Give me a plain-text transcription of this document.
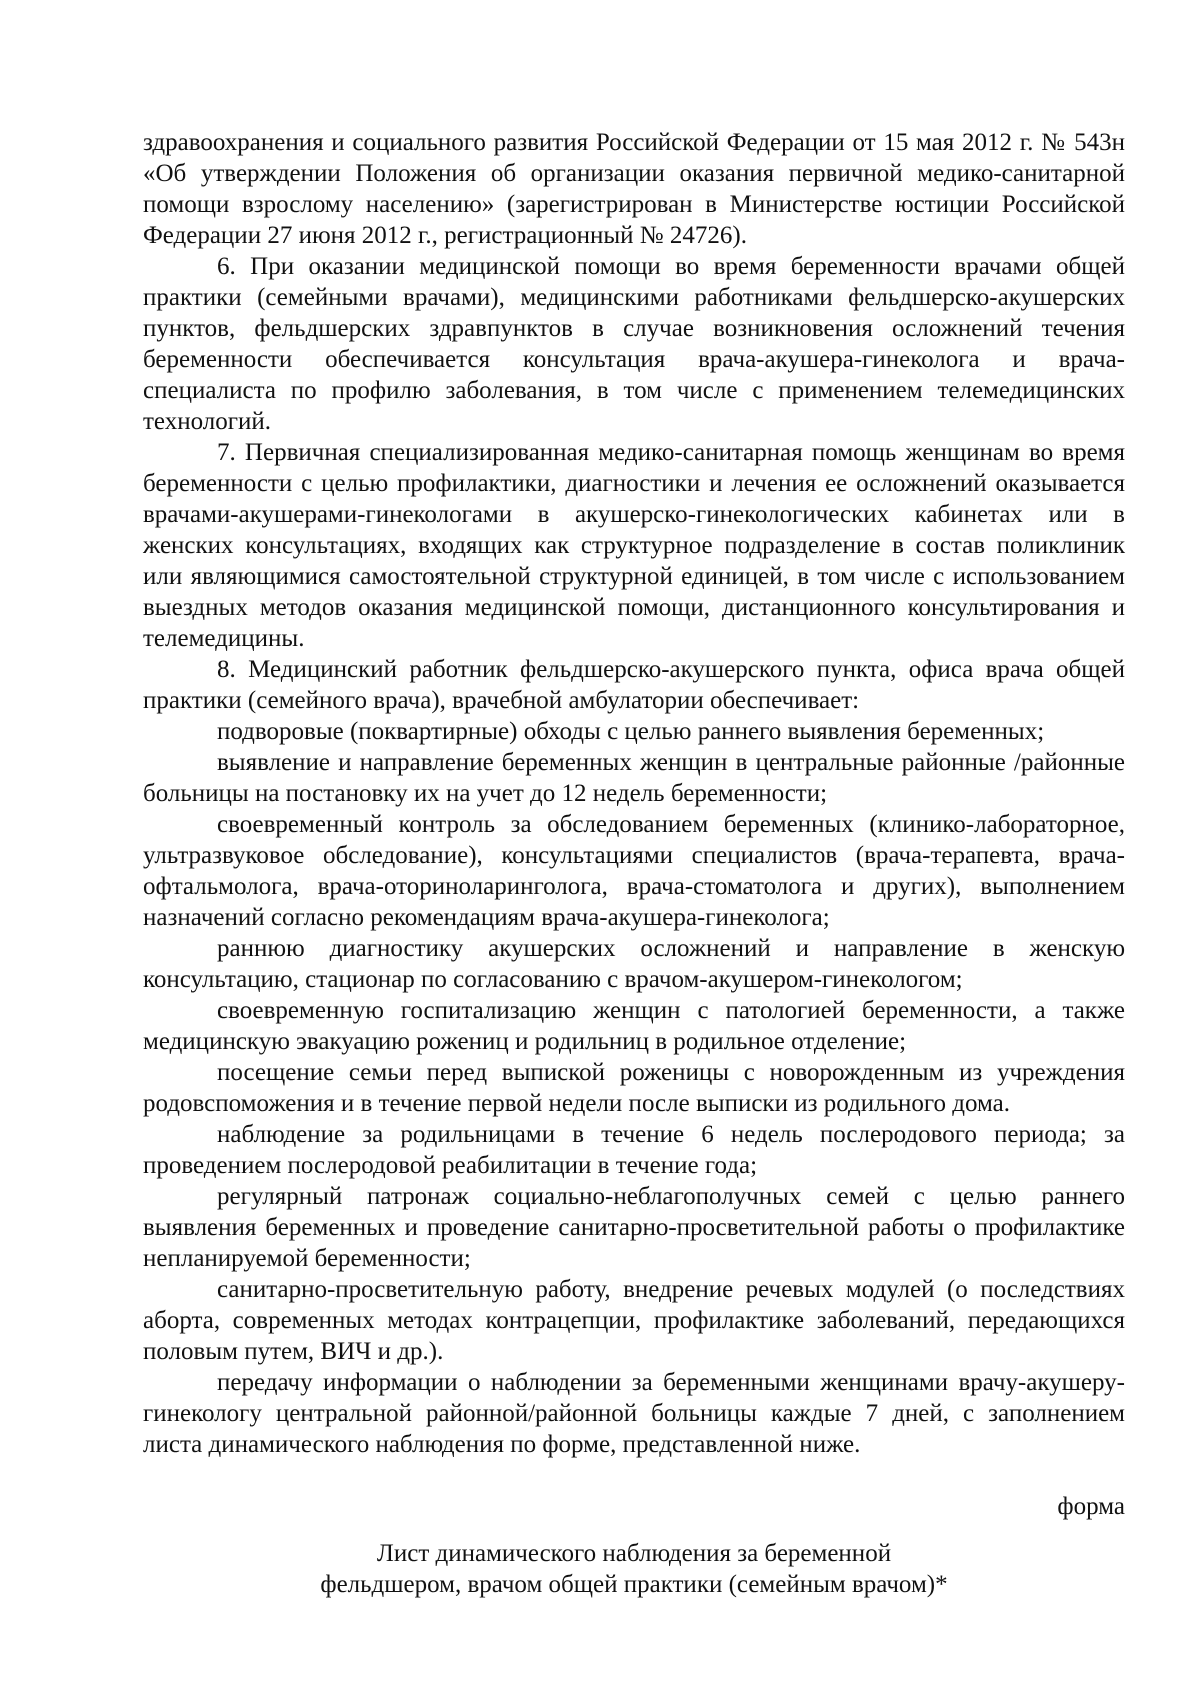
здравоохранения и социального развития Российской Федерации от 15 мая 2012 г. № 543н «Об утверждении Положения об организации оказания первичной медико-санитарной помощи взрослому населению» (зарегистрирован в Министерстве юстиции Российской Федерации 27 июня 2012 г., регистрационный № 24726).

6. При оказании медицинской помощи во время беременности врачами общей практики (семейными врачами), медицинскими работниками фельдшерско-акушерских пунктов, фельдшерских здравпунктов в случае возникновения осложнений течения беременности обеспечивается консультация врача-акушера-гинеколога и врача-специалиста по профилю заболевания, в том числе с применением телемедицинских технологий.

7. Первичная специализированная медико-санитарная помощь женщинам во время беременности с целью профилактики, диагностики и лечения ее осложнений оказывается врачами-акушерами-гинекологами в акушерско-гинекологических кабинетах или в женских консультациях, входящих как структурное подразделение в состав поликлиник или являющимися самостоятельной структурной единицей, в том числе с использованием выездных методов оказания медицинской помощи, дистанционного консультирования и телемедицины.

8. Медицинский работник фельдшерско-акушерского пункта, офиса врача общей практики (семейного врача), врачебной амбулатории обеспечивает:

подворовые (поквартирные) обходы с целью раннего выявления беременных;

выявление и направление беременных женщин в центральные районные /районные больницы на постановку их на учет до 12 недель беременности;

своевременный контроль за обследованием беременных (клинико-лабораторное, ультразвуковое обследование), консультациями специалистов (врача-терапевта, врача-офтальмолога, врача-оториноларинголога, врача-стоматолога и других), выполнением назначений согласно рекомендациям врача-акушера-гинеколога;

раннюю диагностику акушерских осложнений и направление в женскую консультацию, стационар по согласованию с врачом-акушером-гинекологом;

своевременную госпитализацию женщин с патологией беременности, а также медицинскую эвакуацию рожениц и родильниц в родильное отделение;

посещение семьи перед выпиской роженицы с новорожденным из учреждения родовспоможения и в течение первой недели после выписки из родильного дома.

наблюдение за родильницами в течение 6 недель послеродового периода; за проведением послеродовой реабилитации в течение года;

регулярный патронаж социально-неблагополучных семей с целью раннего выявления беременных и проведение санитарно-просветительной работы о профилактике непланируемой беременности;

санитарно-просветительную работу, внедрение речевых модулей (о последствиях аборта, современных методах контрацепции, профилактике заболеваний, передающихся половым путем, ВИЧ и др.).

передачу информации о наблюдении за беременными женщинами врачу-акушеру-гинекологу центральной районной/районной больницы каждые 7 дней, с заполнением листа динамического наблюдения по форме, представленной ниже.

форма

Лист динамического наблюдения за беременной

фельдшером, врачом общей практики (семейным врачом)*
